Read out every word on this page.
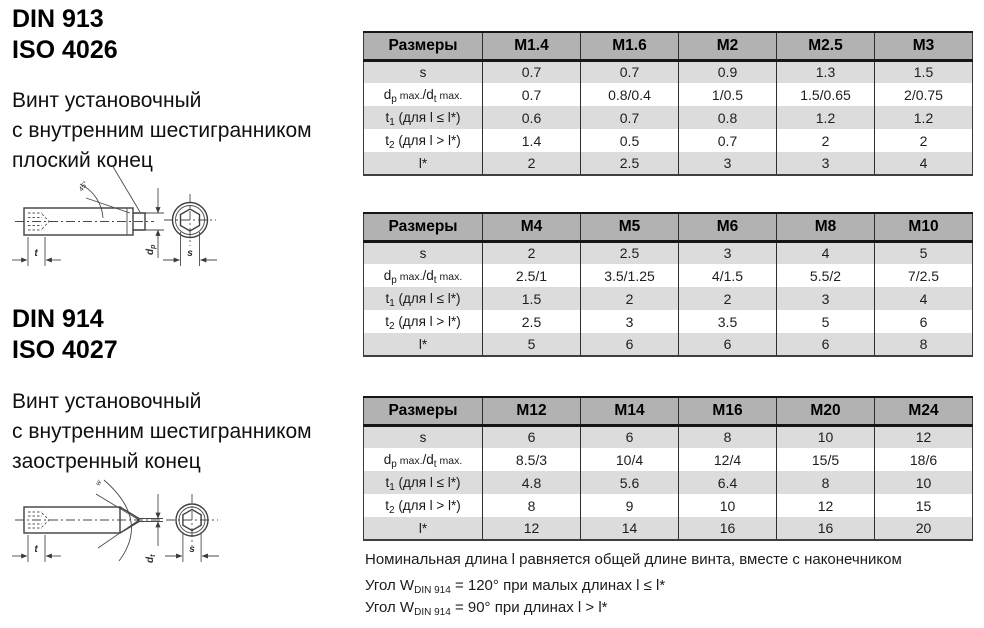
DIN 913
ISO 4026
Винт установочный
с внутренним шестигранником
плоский конец
45°
t	$d_p$
s
DIN 914
ISO 4027
Винт установочный
с внутренним шестигранником
заостренный конец
w
t
$d_t$
s
Размеры	M1.4	M1.6	M2	M2.5	M3
s	0.7	0.7	0.9	1.3	1.5
$d_p$ $\max./d_t$ max.	0.7	0.8/0.4	1/0.5	1.5/0.65	2/0.75
$t_1$ (для l ≤ l*)	0.6	0.7	0.8	1.2	1.2
$t_2$ (для l > l*)	1.4	0.5	0.7	2	2
l*	2	2.5	3	3	4
Размеры	M4	M5	M6	M8	M10
s	2	2.5	3	4	5
$d_p$ $\max./d_t$ max.	2.5/1	3.5/1.25	4/1.5	5.5/2	7/2.5
$t_1$ (для l ≤ l*)	1.5	2	2	3	4
$t_2$ (для l > l*)	2.5	3	3.5	5	6
l*	5	6	6	6	8
Размеры	M12	M14	M16	M20	M24
s	6	6	8	10	12
$d_p$ $\max./d_t$ max.	8.5/3	10/4	12/4	15/5	18/6
$t_1$ (для l ≤ l*)	4.8	5.6	6.4	8	10
$t_2$ (для l > l*)	8	9	10	12	15
l*	12	14	16	16	20
Номинальная длина l равняется общей длине винта, вместе с наконечником
Угол $W_{DIN 914} = 120^\circ$ при малых длинах l ≤ l*
Угол $W_{DIN 914} = 90^\circ$ при длинах l > l*
